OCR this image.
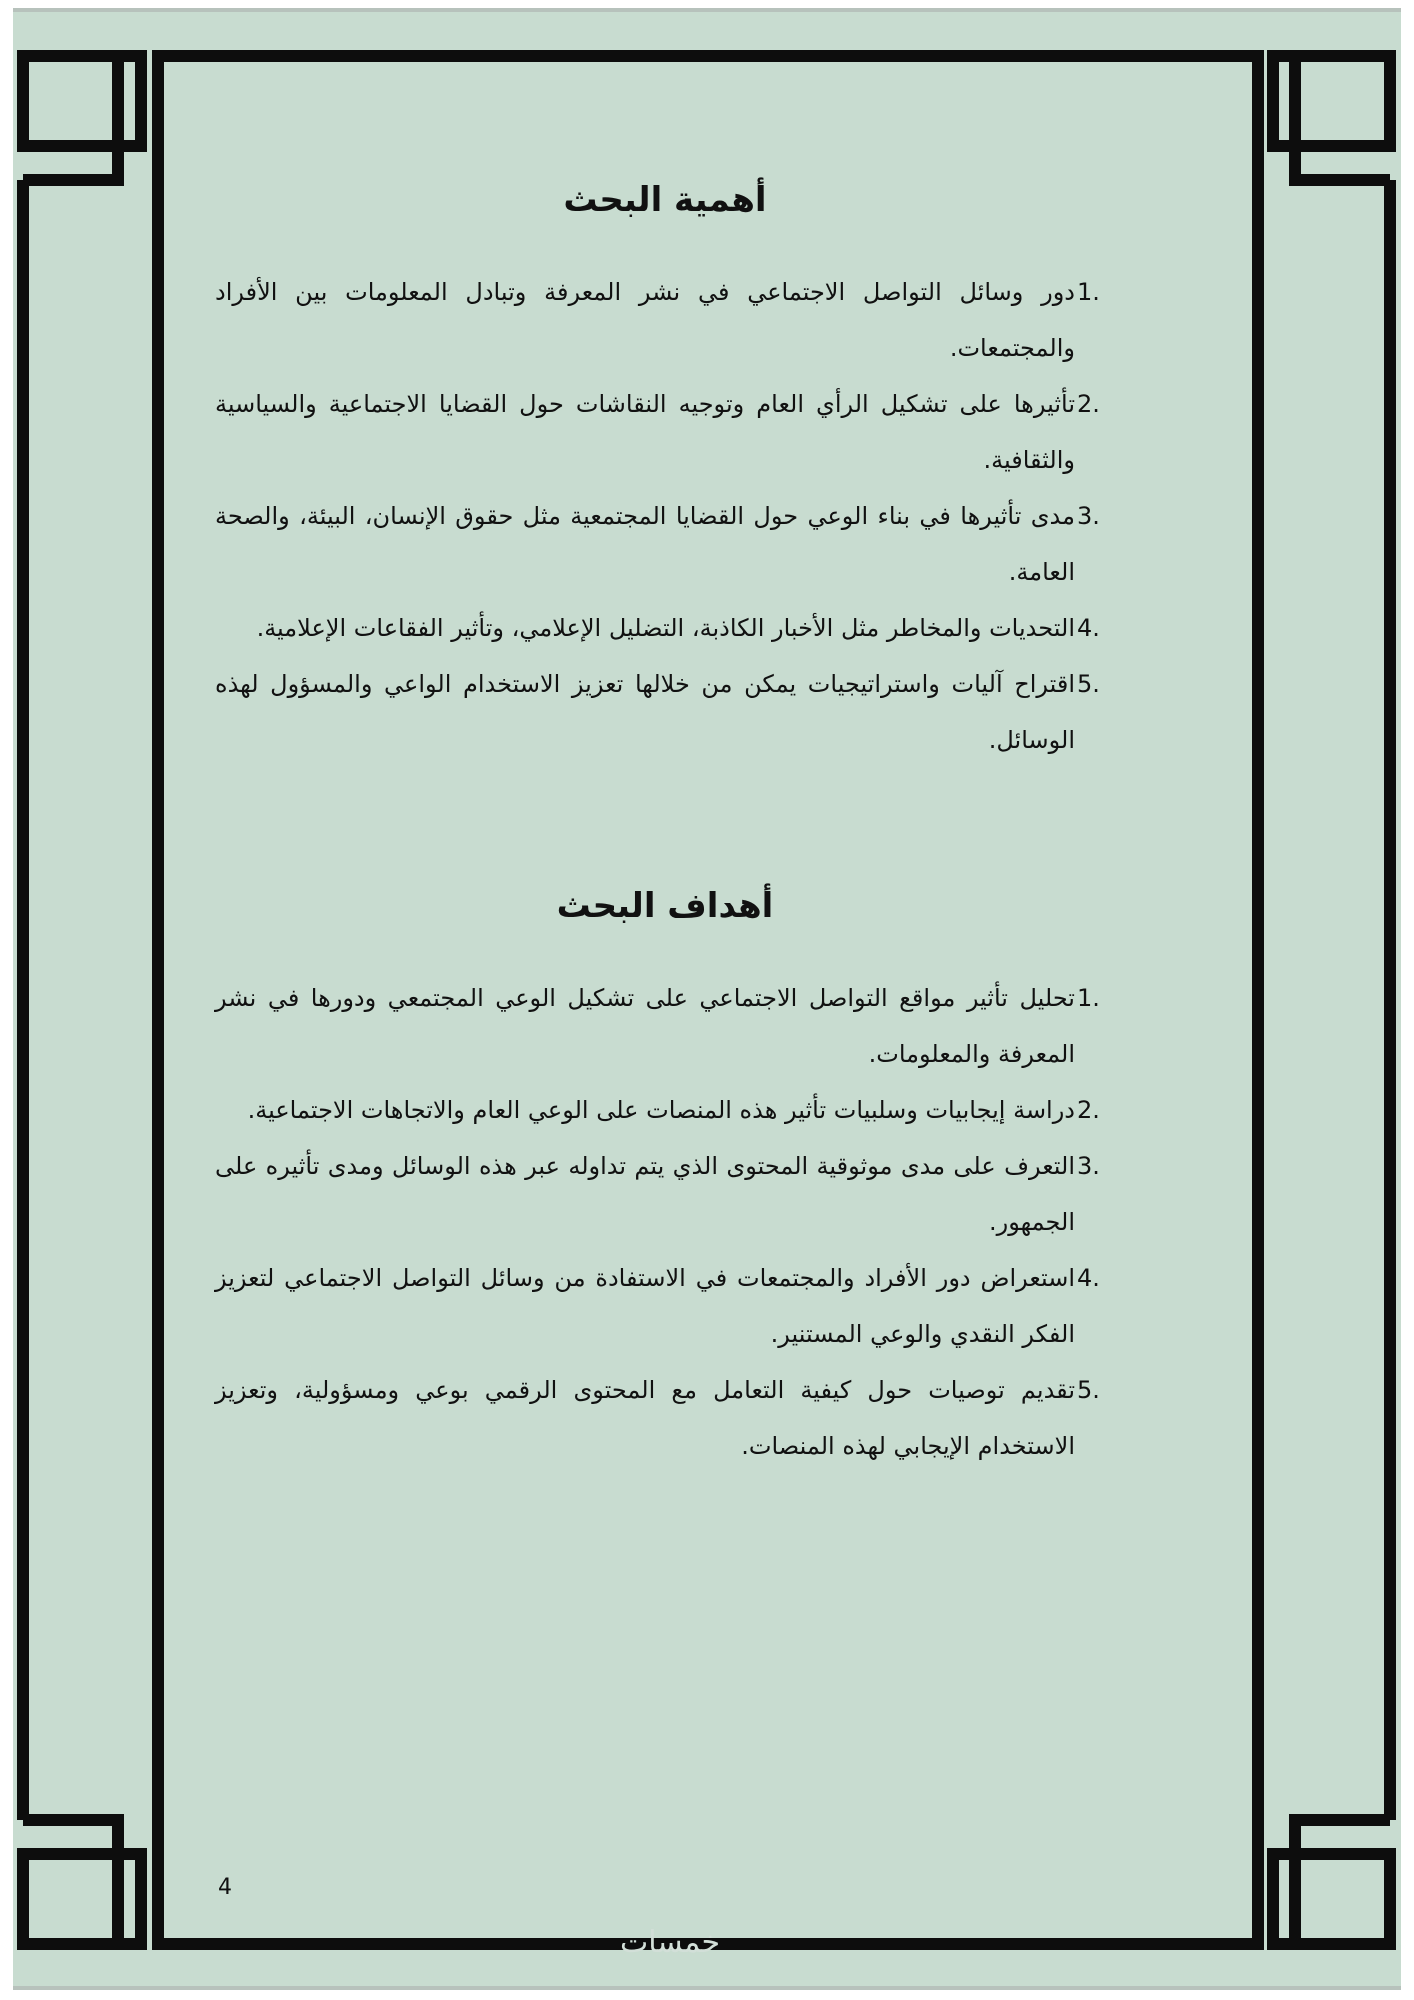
أهمية البحث
1.
دور وسائل التواصل الاجتماعي في نشر المعرفة وتبادل المعلومات بين الأفراد والمجتمعات.
2.
تأثيرها على تشكيل الرأي العام وتوجيه النقاشات حول القضايا الاجتماعية والسياسية والثقافية.
3.
مدى تأثيرها في بناء الوعي حول القضايا المجتمعية مثل حقوق الإنسان، البيئة، والصحة العامة.
4.
التحديات والمخاطر مثل الأخبار الكاذبة، التضليل الإعلامي، وتأثير الفقاعات الإعلامية.
5.
اقتراح آليات واستراتيجيات يمكن من خلالها تعزيز الاستخدام الواعي والمسؤول لهذه الوسائل.
أهداف البحث
1.
تحليل تأثير مواقع التواصل الاجتماعي على تشكيل الوعي المجتمعي ودورها في نشر المعرفة والمعلومات.
2.
دراسة إيجابيات وسلبيات تأثير هذه المنصات على الوعي العام والاتجاهات الاجتماعية.
3.
التعرف على مدى موثوقية المحتوى الذي يتم تداوله عبر هذه الوسائل ومدى تأثيره على الجمهور.
4.
استعراض دور الأفراد والمجتمعات في الاستفادة من وسائل التواصل الاجتماعي لتعزيز الفكر النقدي والوعي المستنير.
5.
تقديم توصيات حول كيفية التعامل مع المحتوى الرقمي بوعي ومسؤولية، وتعزيز الاستخدام الإيجابي لهذه المنصات.
4
خمسات
